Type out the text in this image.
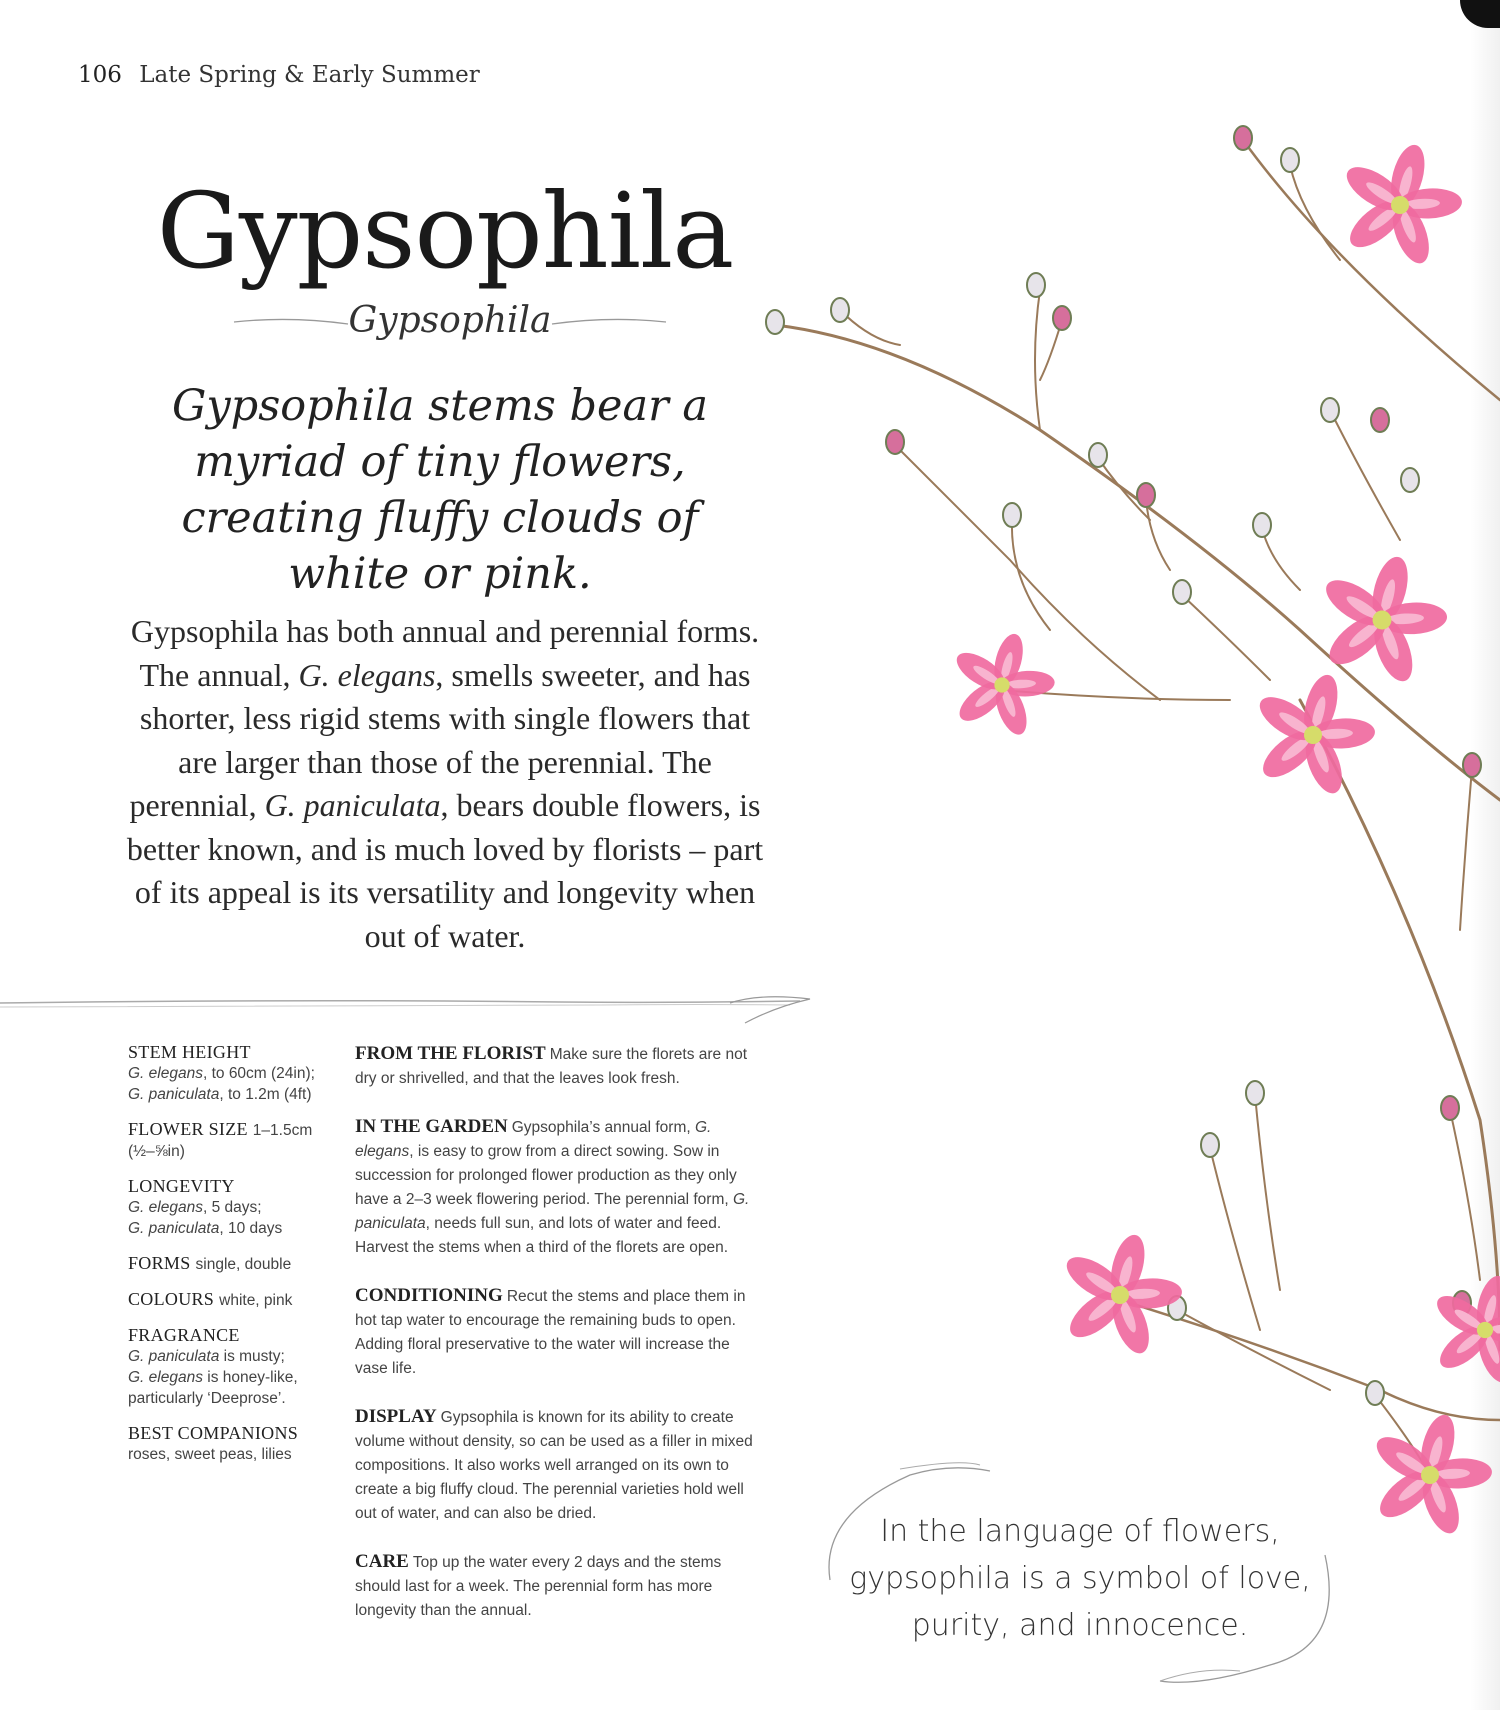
106 Late Spring & Early Summer
Gypsophila
Gypsophila
Gypsophila stems bear a myriad of tiny flowers, creating fluffy clouds of white or pink.
Gypsophila has both annual and perennial forms. The annual, G. elegans, smells sweeter, and has shorter, less rigid stems with single flowers that are larger than those of the perennial. The perennial, G. paniculata, bears double flowers, is better known, and is much loved by florists – part of its appeal is its versatility and longevity when out of water.
STEM HEIGHT
G. elegans, to 60cm (24in);
G. paniculata, to 1.2m (4ft)
FLOWER SIZE 1–1.5cm (½–⅝in)
LONGEVITY
G. elegans, 5 days;
G. paniculata, 10 days
FORMS single, double
COLOURS white, pink
FRAGRANCE
G. paniculata is musty;
G. elegans is honey-like, particularly ‘Deeprose’.
BEST COMPANIONS
roses, sweet peas, lilies
FROM THE FLORIST Make sure the florets are not dry or shrivelled, and that the leaves look fresh.
IN THE GARDEN Gypsophila’s annual form, G. elegans, is easy to grow from a direct sowing. Sow in succession for prolonged flower production as they only have a 2–3 week flowering period. The perennial form, G. paniculata, needs full sun, and lots of water and feed. Harvest the stems when a third of the florets are open.
CONDITIONING Recut the stems and place them in hot tap water to encourage the remaining buds to open. Adding floral preservative to the water will increase the vase life.
DISPLAY Gypsophila is known for its ability to create volume without density, so can be used as a filler in mixed compositions. It also works well arranged on its own to create a big fluffy cloud. The perennial varieties hold well out of water, and can also be dried.
CARE Top up the water every 2 days and the stems should last for a week. The perennial form has more longevity than the annual.
In the language of flowers, gypsophila is a symbol of love, purity, and innocence.
